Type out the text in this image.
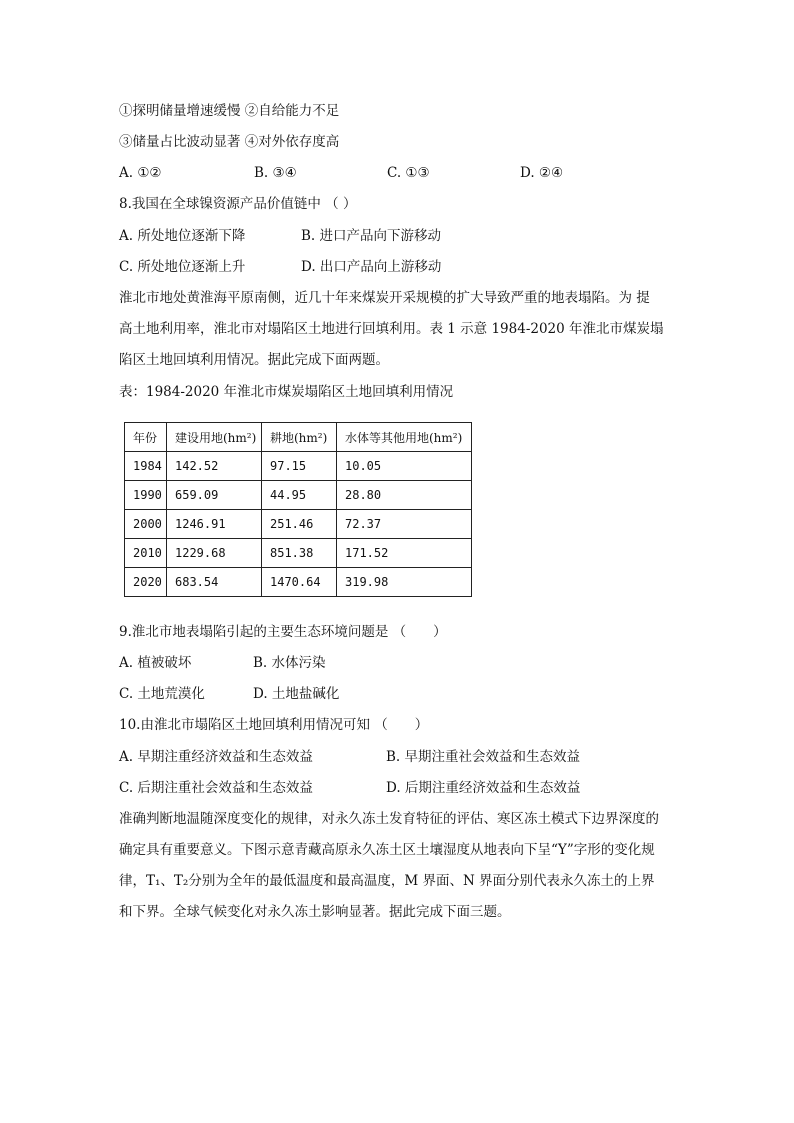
①探明储量增速缓慢 ②自给能力不足
③储量占比波动显著 ④对外依存度高
A. ①②	B. ③④	C. ①③	D. ②④
8.我国在全球镍资源产品价值链中 （ ）
A. 所处地位逐渐下降	B. 进口产品向下游移动
C. 所处地位逐渐上升	D. 出口产品向上游移动
淮北市地处黄淮海平原南侧，近几十年来煤炭开采规模的扩大导致严重的地表塌陷。为 提
高土地利用率，淮北市对塌陷区土地进行回填利用。表 1 示意 1984-2020 年淮北市煤炭塌
陷区土地回填利用情况。据此完成下面两题。
表：1984-2020 年淮北市煤炭塌陷区土地回填利用情况
年份	建设用地(hm²)	耕地(hm²)	水体等其他用地(hm²)
1984	142.52	97.15	10.05
1990	659.09	44.95	28.80
2000	1246.91	251.46	72.37
2010	1229.68	851.38	171.52
2020	683.54	1470.64	319.98
9.淮北市地表塌陷引起的主要生态环境问题是 （　　）
A. 植被破坏	B. 水体污染
C. 土地荒漠化	D. 土地盐碱化
10.由淮北市塌陷区土地回填利用情况可知 （　　）
A. 早期注重经济效益和生态效益	B. 早期注重社会效益和生态效益
C. 后期注重社会效益和生态效益	D. 后期注重经济效益和生态效益
准确判断地温随深度变化的规律，对永久冻土发育特征的评估、寒区冻土模式下边界深度的
确定具有重要意义。下图示意青藏高原永久冻土区土壤湿度从地表向下呈“Y”字形的变化规
律，T₁、T₂分别为全年的最低温度和最高温度，M 界面、N 界面分别代表永久冻土的上界
和下界。全球气候变化对永久冻土影响显著。据此完成下面三题。
